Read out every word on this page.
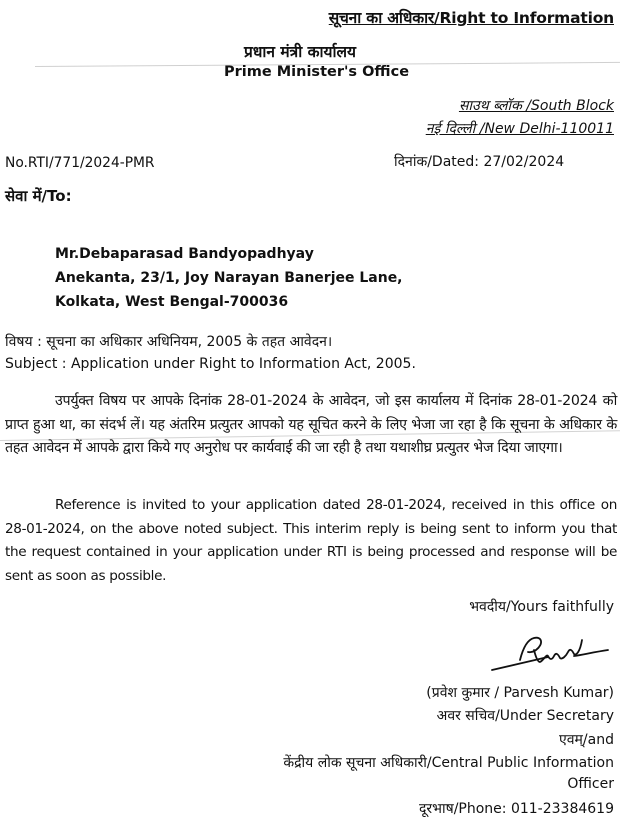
सूचना का अधिकार/Right to Information
प्रधान मंत्री कार्यालय
Prime Minister's Office
साउथ ब्लॉक /South Block
नई दिल्ली /New Delhi-110011
No.RTI/771/2024-PMR	दिनांक/Dated: 27/02/2024
सेवा में/To:
Mr.Debaparasad Bandyopadhyay
Anekanta, 23/1, Joy Narayan Banerjee Lane,
Kolkata, West Bengal-700036
विषय : सूचना का अधिकार अधिनियम, 2005 के तहत आवेदन।
Subject : Application under Right to Information Act, 2005.
उपर्युक्त विषय पर आपके दिनांक 28-01-2024 के आवेदन, जो इस कार्यालय में दिनांक 28-01-2024 को प्राप्त हुआ था, का संदर्भ लें। यह अंतरिम प्रत्युतर आपको यह सूचित करने के लिए भेजा जा रहा है कि सूचना के अधिकार के तहत आवेदन में आपके द्वारा किये गए अनुरोध पर कार्यवाई की जा रही है तथा यथाशीघ्र प्रत्युतर भेज दिया जाएगा।
Reference is invited to your application dated 28-01-2024, received in this office on 28-01-2024, on the above noted subject. This interim reply is being sent to inform you that the request contained in your application under RTI is being processed and response will be sent as soon as possible.
भवदीय/Yours faithfully
(प्रवेश कुमार / Parvesh Kumar)
अवर सचिव/Under Secretary
एवम्/and
केंद्रीय लोक सूचना अधिकारी/Central Public Information
Officer
दूरभाष/Phone: 011-23384619
